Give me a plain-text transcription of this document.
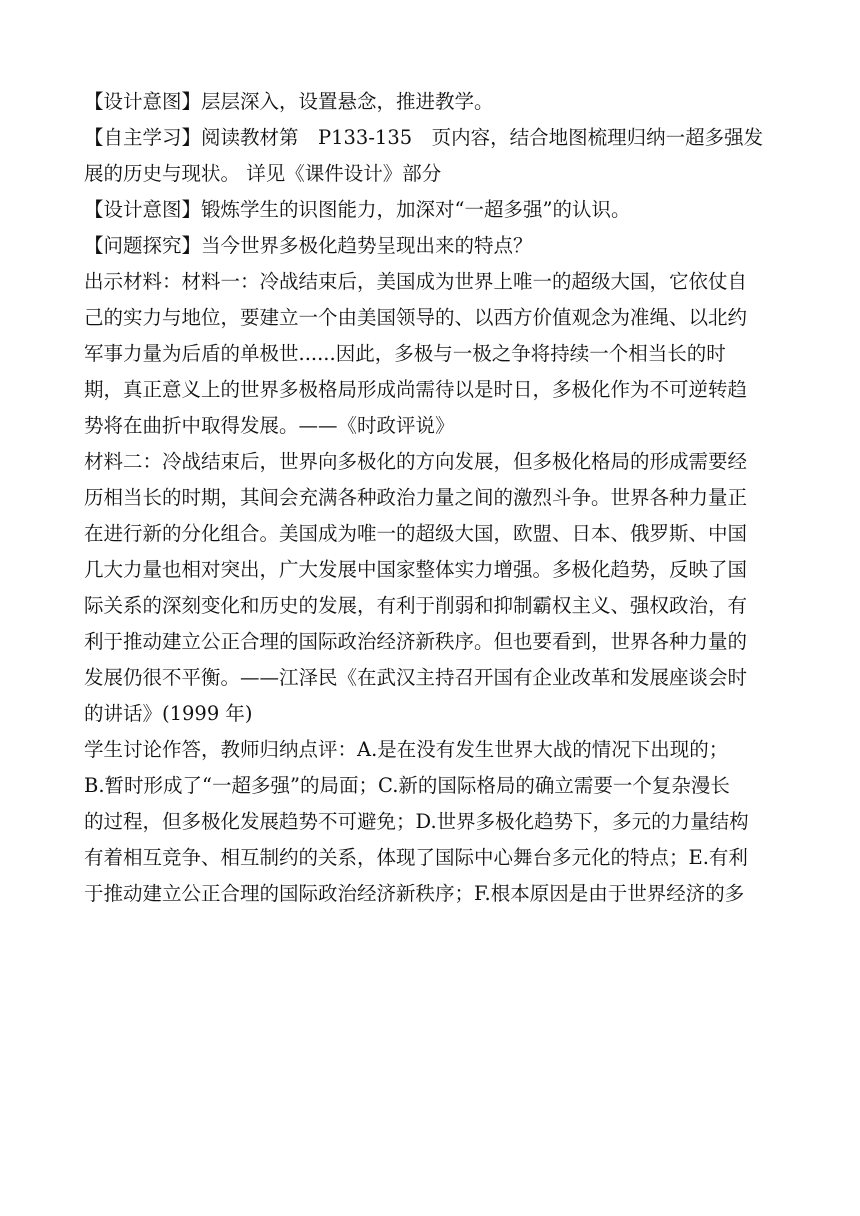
【设计意图】层层深入，设置悬念，推进教学。
【自主学习】阅读教材第　P133-135　页内容，结合地图梳理归纳一超多强发
展的历史与现状。 详见《课件设计》部分
【设计意图】锻炼学生的识图能力，加深对“一超多强”的认识。
【问题探究】当今世界多极化趋势呈现出来的特点？
出示材料：材料一：冷战结束后，美国成为世界上唯一的超级大国，它依仗自
己的实力与地位，要建立一个由美国领导的、以西方价值观念为准绳、以北约
军事力量为后盾的单极世......因此，多极与一极之争将持续一个相当长的时
期，真正意义上的世界多极格局形成尚需待以是时日，多极化作为不可逆转趋
势将在曲折中取得发展。——《时政评说》
材料二：冷战结束后，世界向多极化的方向发展，但多极化格局的形成需要经
历相当长的时期，其间会充满各种政治力量之间的激烈斗争。世界各种力量正
在进行新的分化组合。美国成为唯一的超级大国，欧盟、日本、俄罗斯、中国
几大力量也相对突出，广大发展中国家整体实力增强。多极化趋势，反映了国
际关系的深刻变化和历史的发展，有利于削弱和抑制霸权主义、强权政治，有
利于推动建立公正合理的国际政治经济新秩序。但也要看到，世界各种力量的
发展仍很不平衡。——江泽民《在武汉主持召开国有企业改革和发展座谈会时
的讲话》(1999 年)
学生讨论作答，教师归纳点评：A.是在没有发生世界大战的情况下出现的；
B.暂时形成了“一超多强”的局面；C.新的国际格局的确立需要一个复杂漫长
的过程，但多极化发展趋势不可避免；D.世界多极化趋势下，多元的力量结构
有着相互竞争、相互制约的关系，体现了国际中心舞台多元化的特点；E.有利
于推动建立公正合理的国际政治经济新秩序；F.根本原因是由于世界经济的多
